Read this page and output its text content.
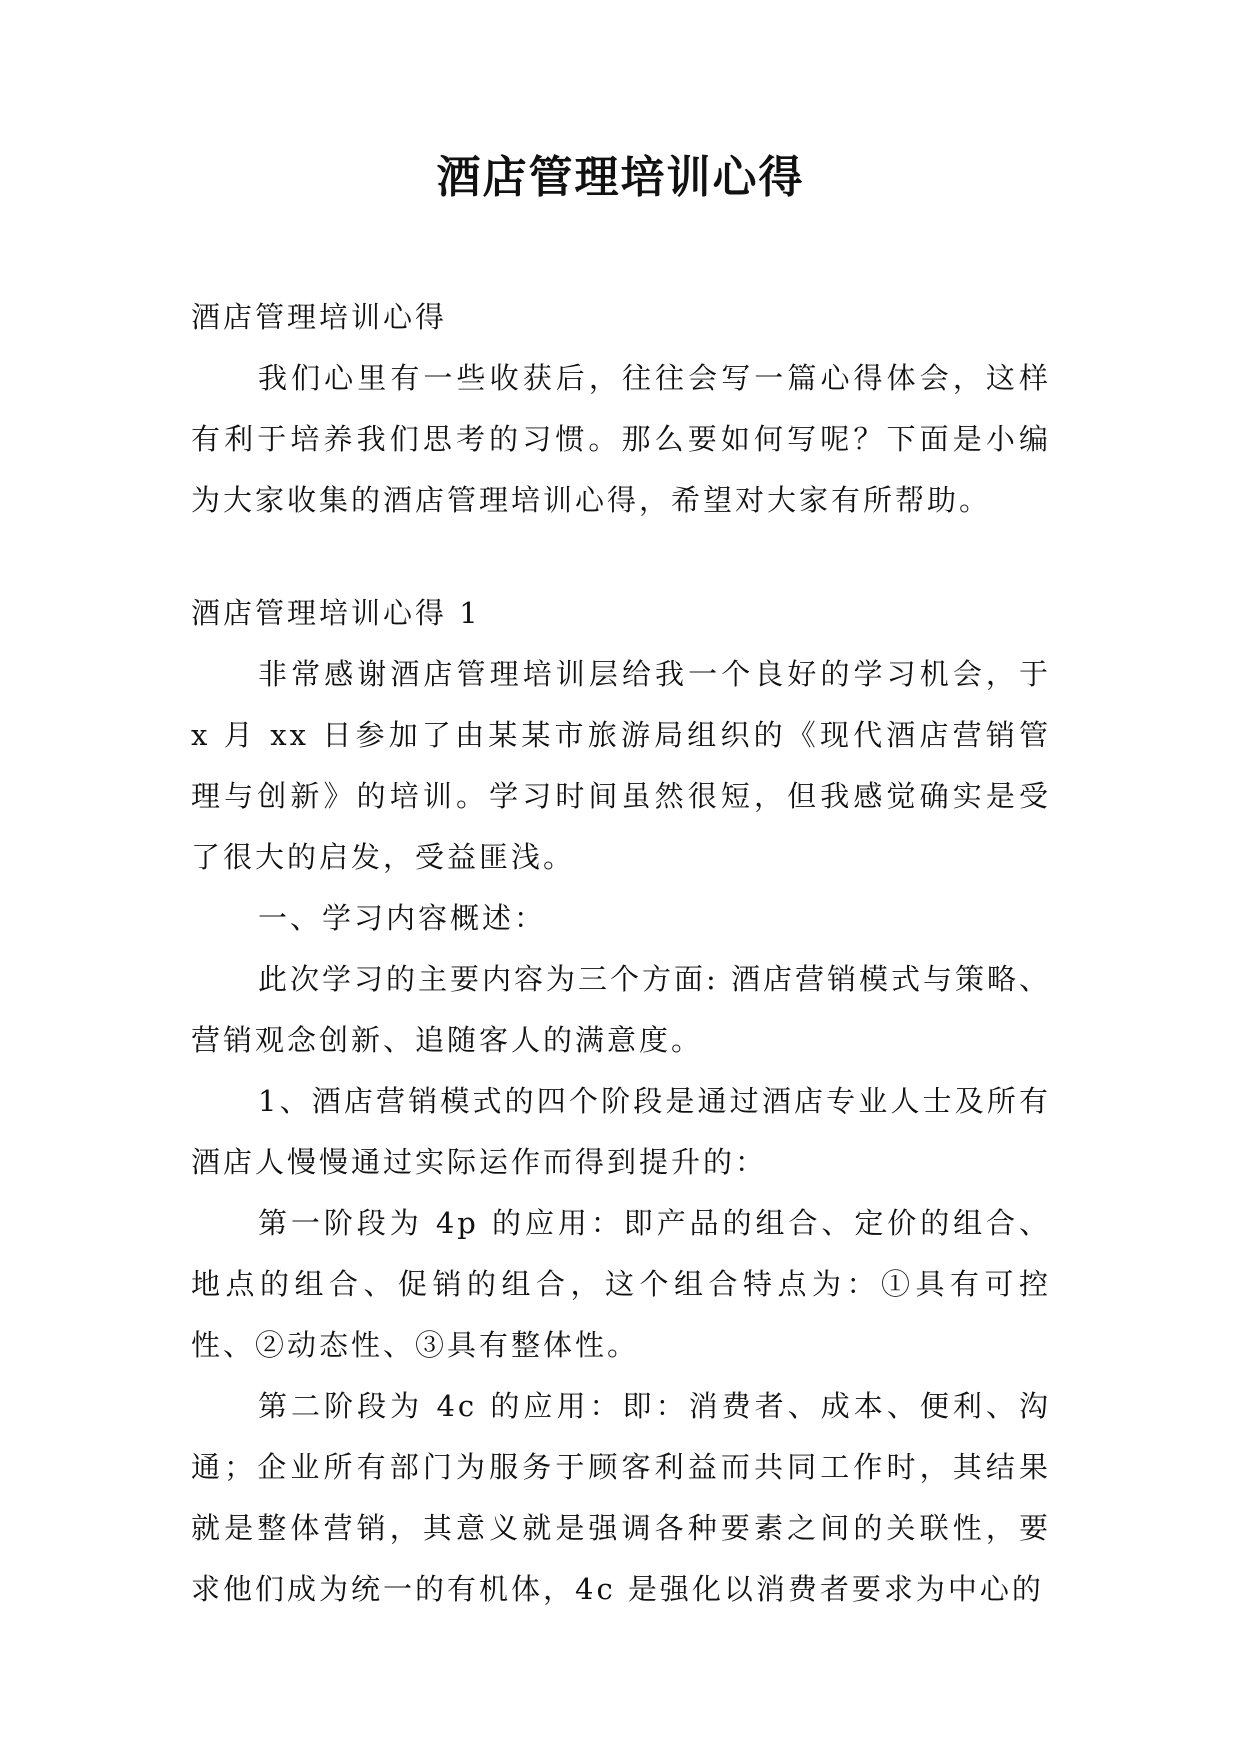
酒店管理培训心得

酒店管理培训心得

我们心里有一些收获后，往往会写一篇心得体会，这样有利于培养我们思考的习惯。那么要如何写呢？下面是小编为大家收集的酒店管理培训心得，希望对大家有所帮助。

酒店管理培训心得 1

非常感谢酒店管理培训层给我一个良好的学习机会，于 x 月 xx 日参加了由某某市旅游局组织的《现代酒店营销管理与创新》的培训。学习时间虽然很短，但我感觉确实是受了很大的启发，受益匪浅。

一、学习内容概述：

此次学习的主要内容为三个方面: 酒店营销模式与策略、营销观念创新、追随客人的满意度。

1、酒店营销模式的四个阶段是通过酒店专业人士及所有酒店人慢慢通过实际运作而得到提升的：

第一阶段为 4p 的应用：即产品的组合、定价的组合、地点的组合、促销的组合，这个组合特点为：①具有可控性、②动态性、③具有整体性。

第二阶段为 4c 的应用：即：消费者、成本、便利、沟通；企业所有部门为服务于顾客利益而共同工作时，其结果就是整体营销，其意义就是强调各种要素之间的关联性，要求他们成为统一的有机体，4c 是强化以消费者要求为中心的
